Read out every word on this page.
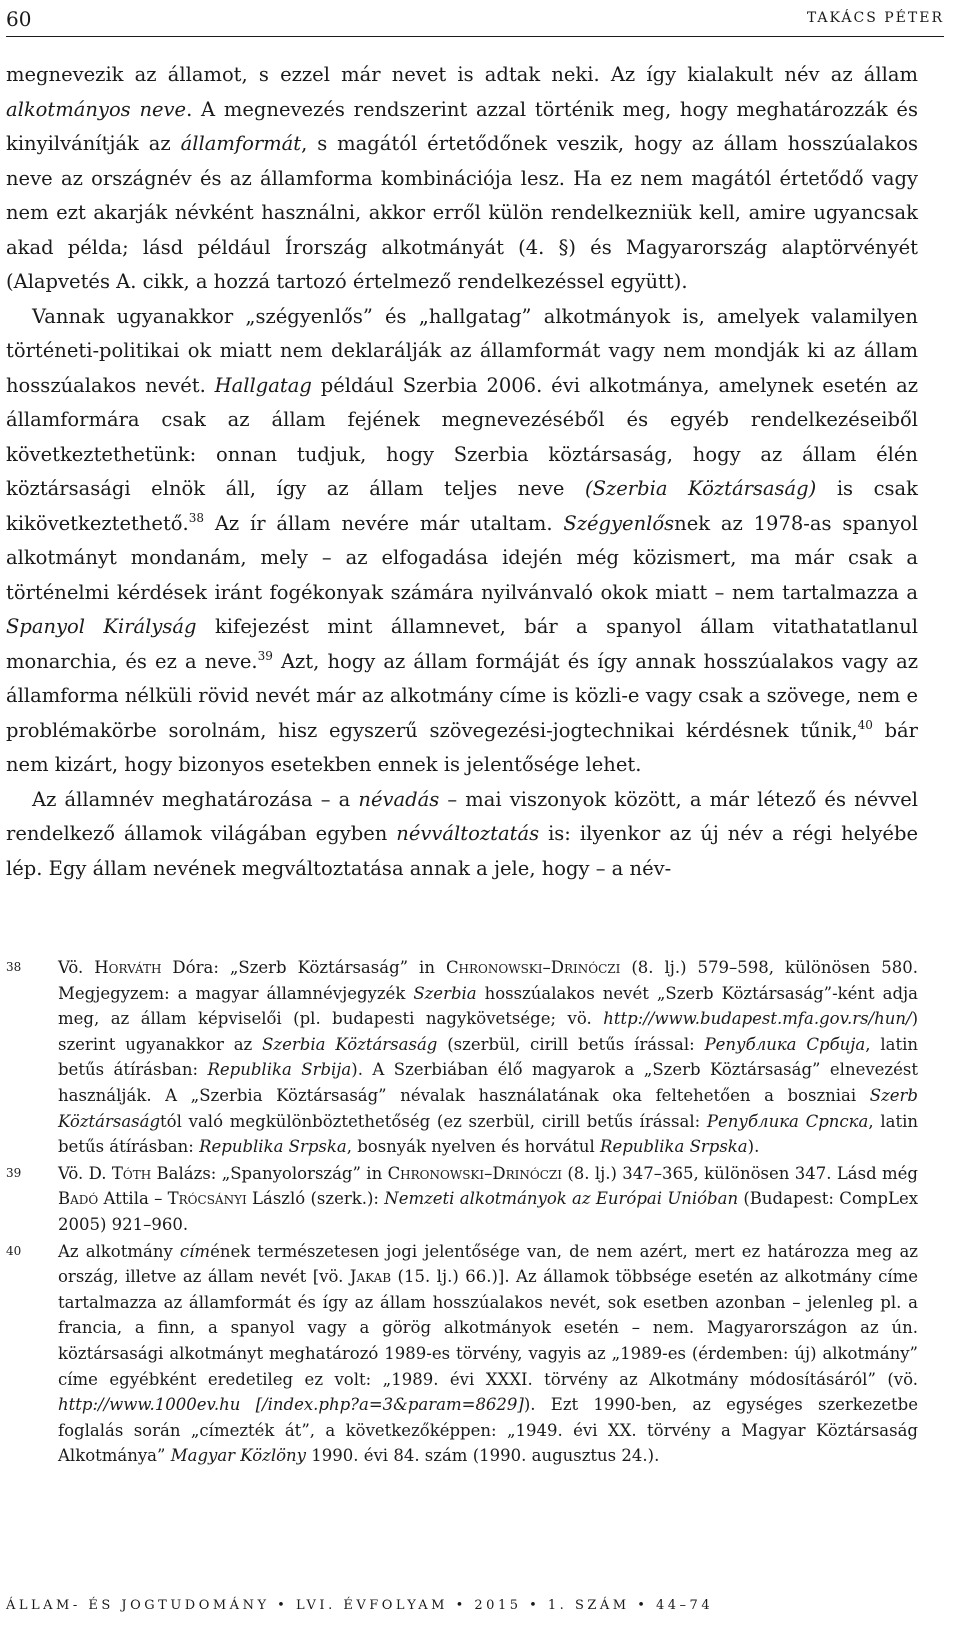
60	TAKÁCS PÉTER

megnevezik az államot, s ezzel már nevet is adtak neki. Az így kialakult név az állam alkotmányos neve. A megnevezés rendszerint azzal történik meg, hogy meghatározzák és kinyilvánítják az államformát, s magától értetődőnek veszik, hogy az állam hosszúalakos neve az országnév és az államforma kombinációja lesz. Ha ez nem magától értetődő vagy nem ezt akarják névként használni, akkor erről külön rendelkezniük kell, amire ugyancsak akad példa; lásd például Írország alkotmányát (4. §) és Magyarország alaptörvényét (Alapvetés A. cikk, a hozzá tartozó értelmező rendelkezéssel együtt).

Vannak ugyanakkor „szégyenlős” és „hallgatag” alkotmányok is, amelyek valamilyen történeti-politikai ok miatt nem deklarálják az államformát vagy nem mondják ki az állam hosszúalakos nevét. Hallgatag például Szerbia 2006. évi alkotmánya, amelynek esetén az államformára csak az állam fejének megnevezéséből és egyéb rendelkezéseiből következtethetünk: onnan tudjuk, hogy Szerbia köztársaság, hogy az állam élén köztársasági elnök áll, így az állam teljes neve (Szerbia Köztársaság) is csak kikövetkeztethető.$^{38}$ Az ír állam nevére már utaltam. Szégyenlősnek az 1978-as spanyol alkotmányt mondanám, mely – az elfogadása idején még közismert, ma már csak a történelmi kérdések iránt fogékonyak számára nyilvánvaló okok miatt – nem tartalmazza a Spanyol Királyság kifejezést mint államnevet, bár a spanyol állam vitathatatlanul monarchia, és ez a neve.$^{39}$ Azt, hogy az állam formáját és így annak hosszúalakos vagy az államforma nélküli rövid nevét már az alkotmány címe is közli-e vagy csak a szövege, nem e problémakörbe sorolnám, hisz egyszerű szövegezési-jogtechnikai kérdésnek tűnik,$^{40}$ bár nem kizárt, hogy bizonyos esetekben ennek is jelentősége lehet.

Az államnév meghatározása – a névadás – mai viszonyok között, a már létező és névvel rendelkező államok világában egyben névváltoztatás is: ilyenkor az új név a régi helyébe lép. Egy állam nevének megváltoztatása annak a jele, hogy – a név-

38 Vö. Horváth Dóra: „Szerb Köztársaság” in Chronowski–Drinóczi (8. lj.) 579–598, különösen 580. Megjegyzem: a magyar államnévjegyzék Szerbia hosszúalakos nevét „Szerb Köztársaság”-ként adja meg, az állam képviselői (pl. budapesti nagykövetsége; vö. http://www.budapest.mfa.gov.rs/hun/) szerint ugyanakkor az Szerbia Köztársaság (szerbül, cirill betűs írással: Република Србија, latin betűs átírásban: Republika Srbija). A Szerbiában élő magyarok a „Szerb Köztársaság” elnevezést használják. A „Szerbia Köztársaság” névalak használatának oka feltehetően a boszniai Szerb Köztársaságtól való megkülönböztethetőség (ez szerbül, cirill betűs írással: Република Српска, latin betűs átírásban: Republika Srpska, bosnyák nyelven és horvátul Republika Srpska).

39 Vö. D. Tóth Balázs: „Spanyolország” in Chronowski–Drinóczi (8. lj.) 347–365, különösen 347. Lásd még Badó Attila – Trócsányi László (szerk.): Nemzeti alkotmányok az Európai Unióban (Budapest: CompLex 2005) 921–960.

40 Az alkotmány címének természetesen jogi jelentősége van, de nem azért, mert ez határozza meg az ország, illetve az állam nevét [vö. Jakab (15. lj.) 66.)]. Az államok többsége esetén az alkotmány címe tartalmazza az államformát és így az állam hosszúalakos nevét, sok esetben azonban – jelenleg pl. a francia, a finn, a spanyol vagy a görög alkotmányok esetén – nem. Magyarországon az ún. köztársasági alkotmányt meghatározó 1989-es törvény, vagyis az „1989-es (érdemben: új) alkotmány” címe egyébként eredetileg ez volt: „1989. évi XXXI. törvény az Alkotmány módosításáról” (vö. http://www.1000ev.hu [/index.php?a=3&param=8629]). Ezt 1990-ben, az egységes szerkezetbe foglalás során „címezték át”, a következőképpen: „1949. évi XX. törvény a Magyar Köztársaság Alkotmánya” Magyar Közlöny 1990. évi 84. szám (1990. augusztus 24.).

ÁLLAM- ÉS JOGTUDOMÁNY • LVI. ÉVFOLYAM • 2015 • 1. SZÁM • 44–74
